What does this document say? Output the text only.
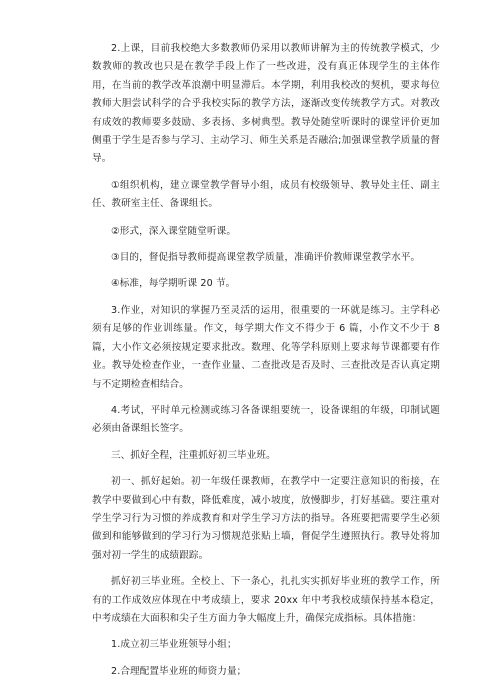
2.上课，目前我校绝大多数教师仍采用以教师讲解为主的传统教学模式，少数教师的教改也只是在教学手段上作了一些改进，没有真正体现学生的主体作用，在当前的教学改革浪潮中明显滞后。本学期，利用我校改的契机，要求每位教师大胆尝试科学的合乎我校实际的教学方法，逐渐改变传统教学方式。对教改有成效的教师要多鼓励、多表扬、多树典型。教导处随堂听课时的课堂评价更加侧重于学生是否参与学习、主动学习、师生关系是否融洽;加强课堂教学质量的督导。

①组织机构，建立课堂教学督导小组，成员有校级领导、教导处主任、副主任、教研室主任、备课组长。

②形式，深入课堂随堂听课。

③目的，督促指导教师提高课堂教学质量，准确评价教师课堂教学水平。

④标准，每学期听课 20 节。

3.作业，对知识的掌握乃至灵活的运用，很重要的一环就是练习。主学科必须有足够的作业训练量。作文，每学期大作文不得少于 6 篇，小作文不少于 8 篇，大小作文必须按规定要求批改。数理、化等学科原则上要求每节课都要有作业。教导处检查作业，一查作业量、二查批改是否及时、三查批改是否认真定期与不定期检查相结合。

4.考试，平时单元检测或练习各备课组要统一，设备课组的年级，印制试题必须由备课组长签字。

三、抓好全程，注重抓好初三毕业班。

初一、抓好起始。初一年级任课教师，在教学中一定要注意知识的衔接，在教学中要做到心中有数，降低难度，减小坡度，放慢脚步，打好基础。要注重对学生学习行为习惯的养成教育和对学生学习方法的指导。各班要把需要学生必须做到和能够做到的学习行为习惯规范张贴上墙，督促学生遵照执行。教导处将加强对初一学生的成绩跟踪。

抓好初三毕业班。全校上、下一条心，扎扎实实抓好毕业班的教学工作，所有的工作成效应体现在中考成绩上，要求 20xx 年中考我校成绩保持基本稳定，中考成绩在大面积和尖子生方面力争大幅度上升，确保完成指标。具体措施：

1.成立初三毕业班领导小组；

2.合理配置毕业班的师资力量；
